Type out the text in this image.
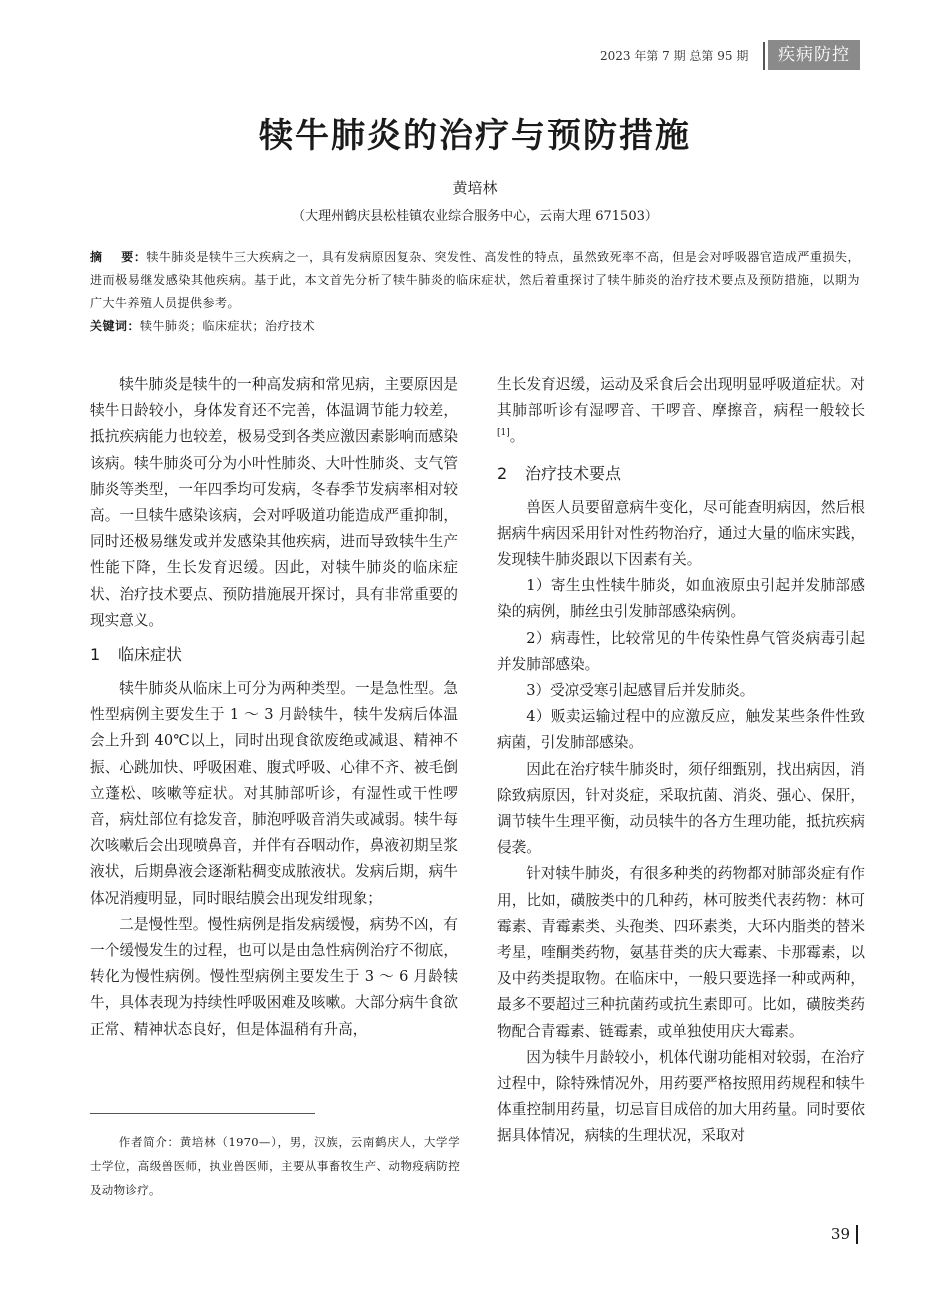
2023 年第 7 期 总第 95 期	疾病防控
犊牛肺炎的治疗与预防措施
黄培林
（大理州鹤庆县松桂镇农业综合服务中心，云南大理 671503）
摘    要：犊牛肺炎是犊牛三大疾病之一，具有发病原因复杂、突发性、高发性的特点，虽然致死率不高，但是会对呼吸器官造成严重损失，进而极易继发感染其他疾病。基于此，本文首先分析了犊牛肺炎的临床症状，然后着重探讨了犊牛肺炎的治疗技术要点及预防措施，以期为广大牛养殖人员提供参考。
关键词：犊牛肺炎；临床症状；治疗技术

犊牛肺炎是犊牛的一种高发病和常见病，主要原因是犊牛日龄较小，身体发育还不完善，体温调节能力较差，抵抗疾病能力也较差，极易受到各类应激因素影响而感染该病。犊牛肺炎可分为小叶性肺炎、大叶性肺炎、支气管肺炎等类型，一年四季均可发病，冬春季节发病率相对较高。一旦犊牛感染该病，会对呼吸道功能造成严重抑制，同时还极易继发或并发感染其他疾病，进而导致犊牛生产性能下降，生长发育迟缓。因此，对犊牛肺炎的临床症状、治疗技术要点、预防措施展开探讨，具有非常重要的现实意义。

1 临床症状

犊牛肺炎从临床上可分为两种类型。一是急性型。急性型病例主要发生于 1 ～ 3 月龄犊牛，犊牛发病后体温会上升到 40℃以上，同时出现食欲废绝或减退、精神不振、心跳加快、呼吸困难、腹式呼吸、心律不齐、被毛倒立蓬松、咳嗽等症状。对其肺部听诊，有湿性或干性啰音，病灶部位有捻发音，肺泡呼吸音消失或减弱。犊牛每次咳嗽后会出现喷鼻音，并伴有吞咽动作，鼻液初期呈浆液状，后期鼻液会逐渐粘稠变成脓液状。发病后期，病牛体况消瘦明显，同时眼结膜会出现发绀现象；

二是慢性型。慢性病例是指发病缓慢，病势不凶，有一个缓慢发生的过程，也可以是由急性病例治疗不彻底，转化为慢性病例。慢性型病例主要发生于 3 ～ 6 月龄犊牛，具体表现为持续性呼吸困难及咳嗽。大部分病牛食欲正常、精神状态良好，但是体温稍有升高，

生长发育迟缓，运动及采食后会出现明显呼吸道症状。对其肺部听诊有湿啰音、干啰音、摩擦音，病程一般较长[1]。

2 治疗技术要点

兽医人员要留意病牛变化，尽可能查明病因，然后根据病牛病因采用针对性药物治疗，通过大量的临床实践，发现犊牛肺炎跟以下因素有关。

1）寄生虫性犊牛肺炎，如血液原虫引起并发肺部感染的病例，肺丝虫引发肺部感染病例。

2）病毒性，比较常见的牛传染性鼻气管炎病毒引起并发肺部感染。

3）受凉受寒引起感冒后并发肺炎。

4）贩卖运输过程中的应激反应，触发某些条件性致病菌，引发肺部感染。

因此在治疗犊牛肺炎时，须仔细甄别，找出病因，消除致病原因，针对炎症，采取抗菌、消炎、强心、保肝，调节犊牛生理平衡，动员犊牛的各方生理功能，抵抗疾病侵袭。

针对犊牛肺炎，有很多种类的药物都对肺部炎症有作用，比如，磺胺类中的几种药，林可胺类代表药物：林可霉素、青霉素类、头孢类、四环素类，大环内脂类的替米考星，喹酮类药物，氨基苷类的庆大霉素、卡那霉素，以及中药类提取物。在临床中，一般只要选择一种或两种，最多不要超过三种抗菌药或抗生素即可。比如，磺胺类药物配合青霉素、链霉素，或单独使用庆大霉素。

因为犊牛月龄较小，机体代谢功能相对较弱，在治疗过程中，除特殊情况外，用药要严格按照用药规程和犊牛体重控制用药量，切忌盲目成倍的加大用药量。同时要依据具体情况，病犊的生理状况，采取对

作者简介：黄培林（1970—），男，汉族，云南鹤庆人，大学学士学位，高级兽医师，执业兽医师，主要从事畜牧生产、动物疫病防控及动物诊疗。

39
